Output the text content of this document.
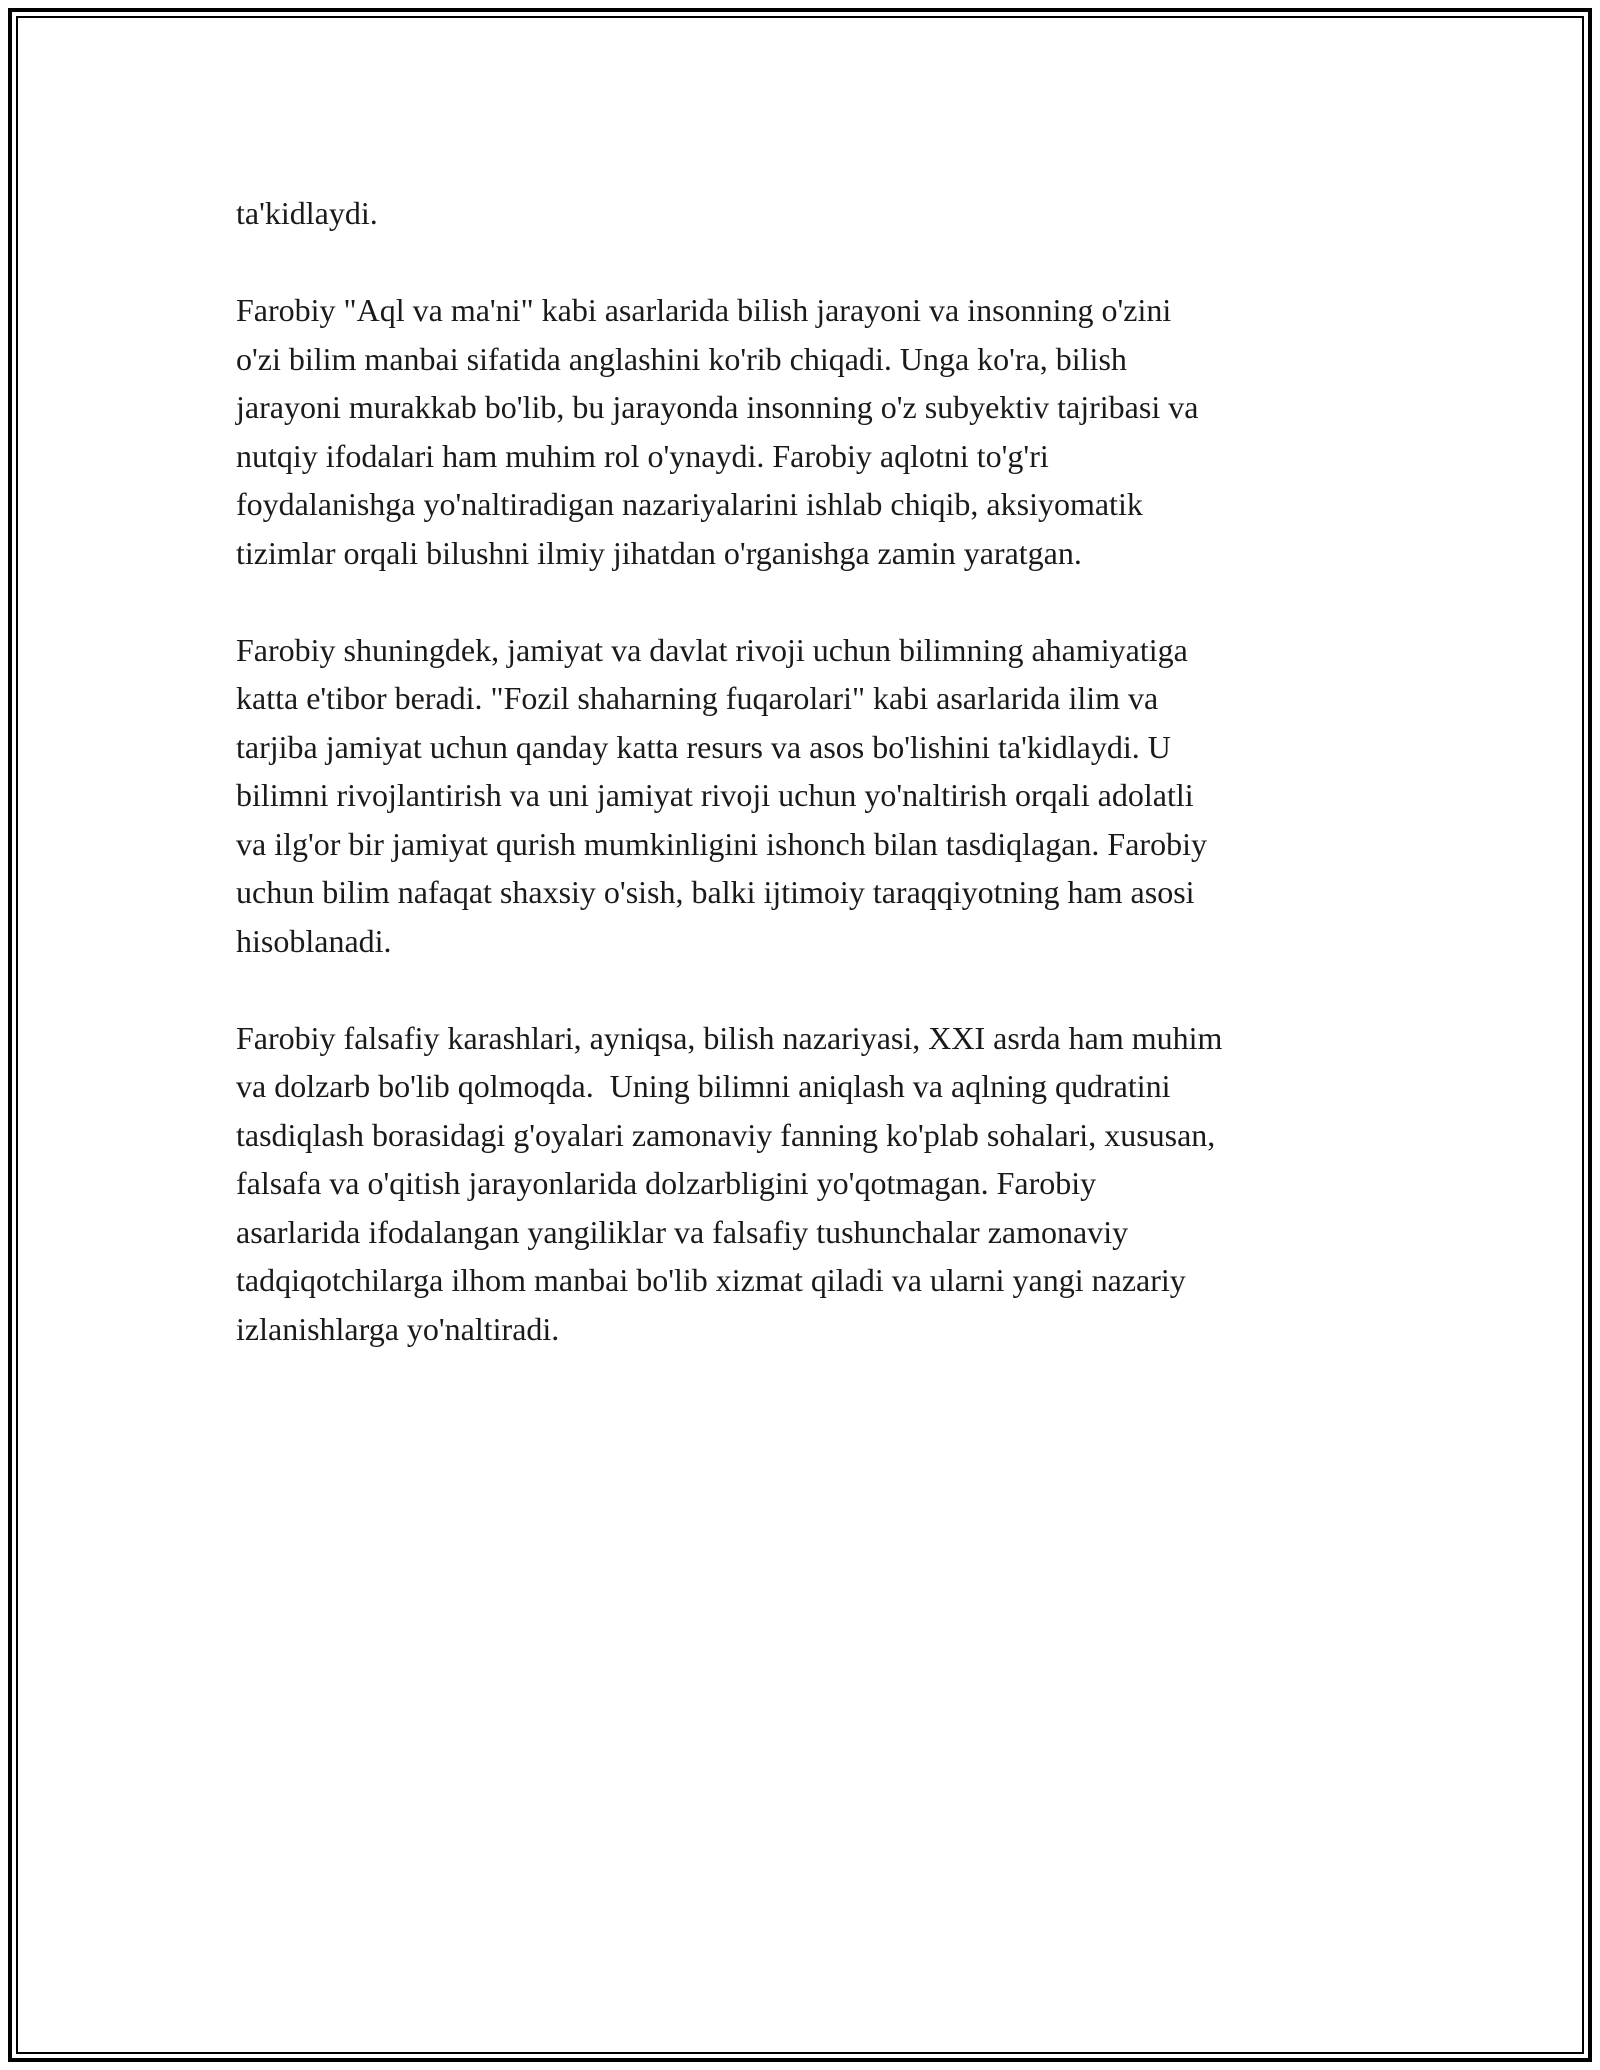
ta'kidlaydi.

Farobiy "Aql va ma'ni" kabi asarlarida bilish jarayoni va insonning o'zini
o'zi bilim manbai sifatida anglashini ko'rib chiqadi. Unga ko'ra, bilish
jarayoni murakkab bo'lib, bu jarayonda insonning o'z subyektiv tajribasi va
nutqiy ifodalari ham muhim rol o'ynaydi. Farobiy aqlotni to'g'ri
foydalanishga yo'naltiradigan nazariyalarini ishlab chiqib, aksiyomatik
tizimlar orqali bilushni ilmiy jihatdan o'rganishga zamin yaratgan.

Farobiy shuningdek, jamiyat va davlat rivoji uchun bilimning ahamiyatiga
katta e'tibor beradi. "Fozil shaharning fuqarolari" kabi asarlarida ilim va
tarjiba jamiyat uchun qanday katta resurs va asos bo'lishini ta'kidlaydi. U
bilimni rivojlantirish va uni jamiyat rivoji uchun yo'naltirish orqali adolatli
va ilg'or bir jamiyat qurish mumkinligini ishonch bilan tasdiqlagan. Farobiy
uchun bilim nafaqat shaxsiy o'sish, balki ijtimoiy taraqqiyotning ham asosi
hisoblanadi.

Farobiy falsafiy karashlari, ayniqsa, bilish nazariyasi, XXI asrda ham muhim
va dolzarb bo'lib qolmoqda.  Uning bilimni aniqlash va aqlning qudratini
tasdiqlash borasidagi g'oyalari zamonaviy fanning ko'plab sohalari, xususan,
falsafa va o'qitish jarayonlarida dolzarbligini yo'qotmagan. Farobiy
asarlarida ifodalangan yangiliklar va falsafiy tushunchalar zamonaviy
tadqiqotchilarga ilhom manbai bo'lib xizmat qiladi va ularni yangi nazariy
izlanishlarga yo'naltiradi.
